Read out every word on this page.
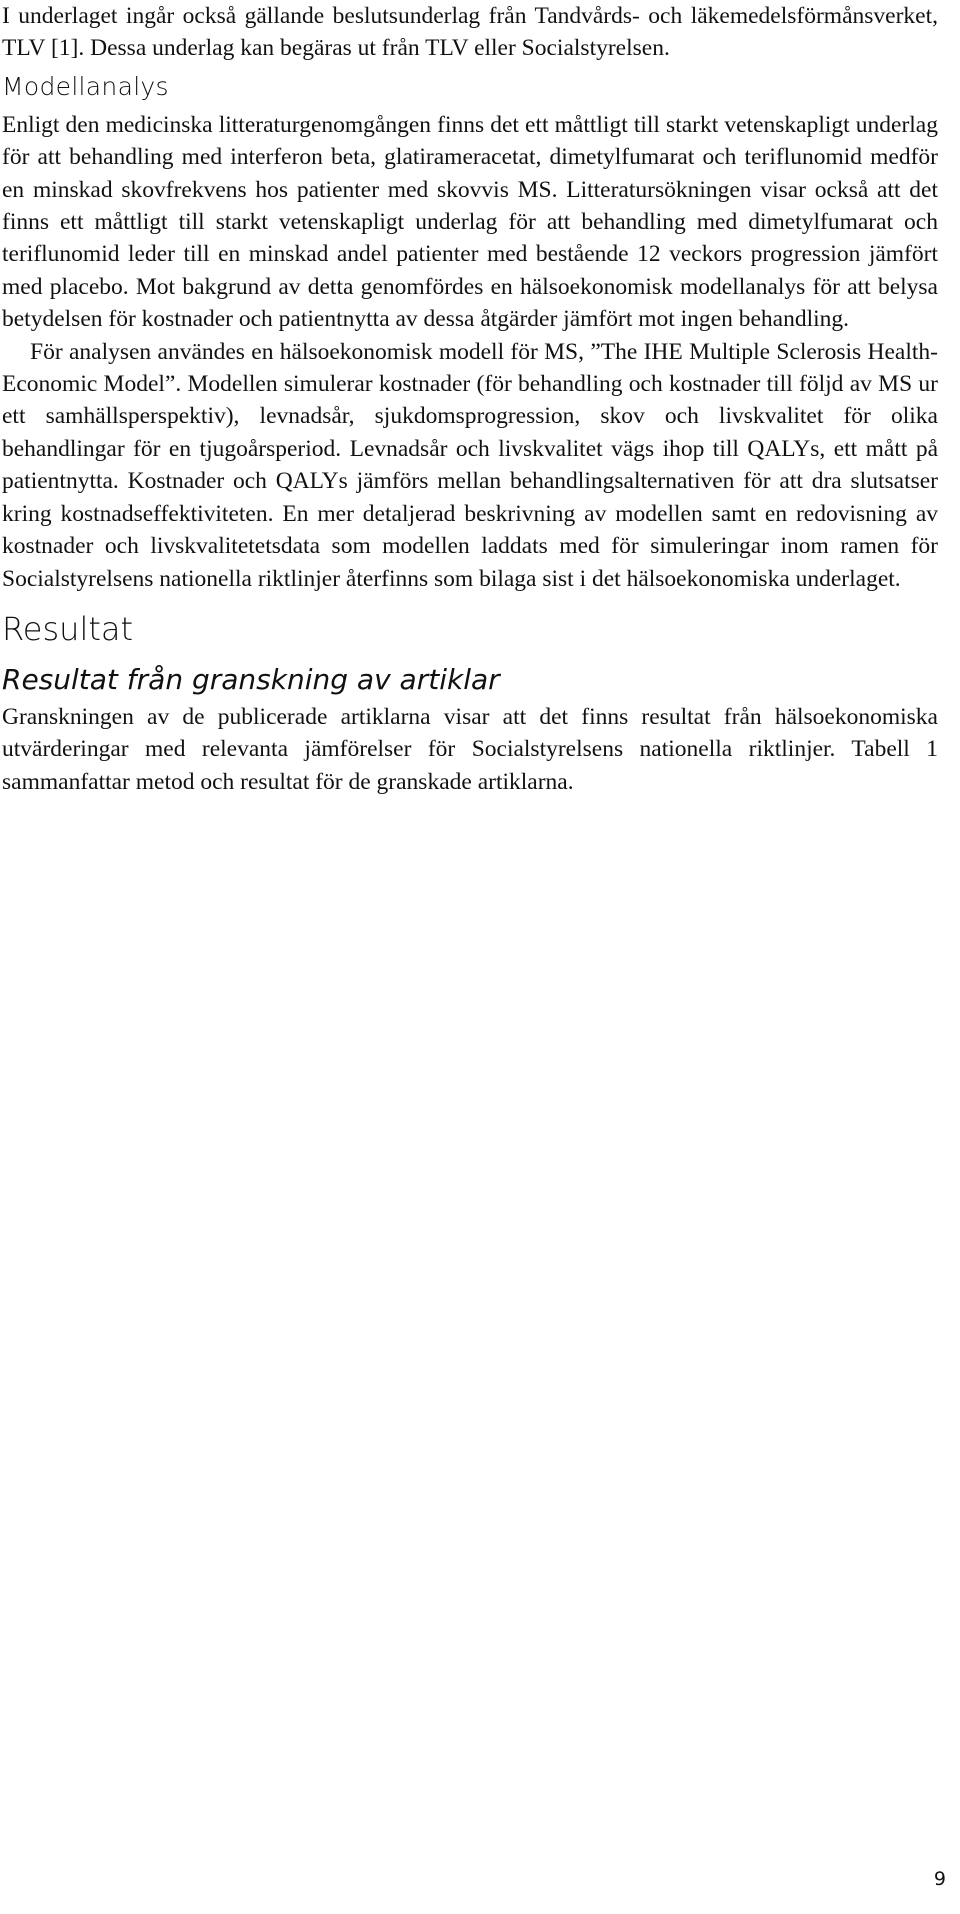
I underlaget ingår också gällande beslutsunderlag från Tandvårds- och läkemedelsförmånsverket, TLV [1]. Dessa underlag kan begäras ut från TLV eller Socialstyrelsen.

Modellanalys

Enligt den medicinska litteraturgenomgången finns det ett måttligt till starkt vetenskapligt underlag för att behandling med interferon beta, glatirameracetat, dimetylfumarat och teriflunomid medför en minskad skovfrekvens hos patienter med skovvis MS. Litteratursökningen visar också att det finns ett måttligt till starkt vetenskapligt underlag för att behandling med dimetylfumarat och teriflunomid leder till en minskad andel patienter med bestående 12 veckors progression jämfört med placebo. Mot bakgrund av detta genomfördes en hälsoekonomisk modellanalys för att belysa betydelsen för kostnader och patientnytta av dessa åtgärder jämfört mot ingen behandling.

För analysen användes en hälsoekonomisk modell för MS, ”The IHE Multiple Sclerosis Health-Economic Model”. Modellen simulerar kostnader (för behandling och kostnader till följd av MS ur ett samhällsperspektiv), levnadsår, sjukdomsprogression, skov och livskvalitet för olika behandlingar för en tjugoårsperiod. Levnadsår och livskvalitet vägs ihop till QALYs, ett mått på patientnytta. Kostnader och QALYs jämförs mellan behandlingsalternativen för att dra slutsatser kring kostnadseffektiviteten. En mer detaljerad beskrivning av modellen samt en redovisning av kostnader och livskvalitetetsdata som modellen laddats med för simuleringar inom ramen för Socialstyrelsens nationella riktlinjer återfinns som bilaga sist i det hälsoekonomiska underlaget.

Resultat
Resultat från granskning av artiklar

Granskningen av de publicerade artiklarna visar att det finns resultat från hälsoekonomiska utvärderingar med relevanta jämförelser för Socialstyrelsens nationella riktlinjer. Tabell 1 sammanfattar metod och resultat för de granskade artiklarna.

9
